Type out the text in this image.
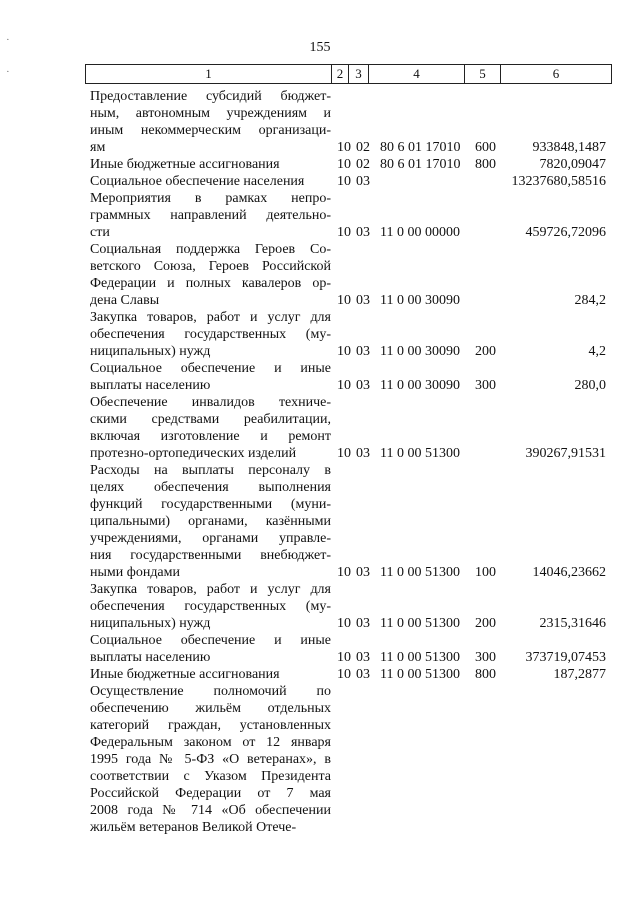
155
1	2	3	4	5	6
Предоставление субсидий бюджет-
ным, автономным учреждениям и
иным некоммерческим организаци-
ям	10 02 80 6 01 17010 600	933848,1487
Иные бюджетные ассигнования	10 02 80 6 01 17010 800	7820,09047
Социальное обеспечение населения	10 03	13237680,58516
Мероприятия в рамках непро-
граммных направлений деятельно-
сти	10 03 11 0 00 00000	459726,72096
Социальная поддержка Героев Со-
ветского Союза, Героев Российской
Федерации и полных кавалеров ор-
дена Славы	10 03 11 0 00 30090	284,2
Закупка товаров, работ и услуг для
обеспечения государственных (му-
ниципальных) нужд	10 03 11 0 00 30090 200	4,2
Социальное обеспечение и иные
выплаты населению	10 03 11 0 00 30090 300	280,0
Обеспечение инвалидов техниче-
скими средствами реабилитации,
включая изготовление и ремонт
протезно-ортопедических изделий	10 03 11 0 00 51300	390267,91531
Расходы на выплаты персоналу в
целях обеспечения выполнения
функций государственными (муни-
ципальными) органами, казёнными
учреждениями, органами управле-
ния государственными внебюджет-
ными фондами	10 03 11 0 00 51300 100	14046,23662
Закупка товаров, работ и услуг для
обеспечения государственных (му-
ниципальных) нужд	10 03 11 0 00 51300 200	2315,31646
Социальное обеспечение и иные
выплаты населению	10 03 11 0 00 51300 300 373719,07453
Иные бюджетные ассигнования	10 03 11 0 00 51300 800	187,2877
Осуществление полномочий по
обеспечению жильём отдельных
категорий граждан, установленных
Федеральным законом от 12 января
1995 года № 5-ФЗ «О ветеранах», в
соответствии с Указом Президента
Российской Федерации от 7 мая
2008 года № 714 «Об обеспечении
жильём ветеранов Великой Отече-
·
·
